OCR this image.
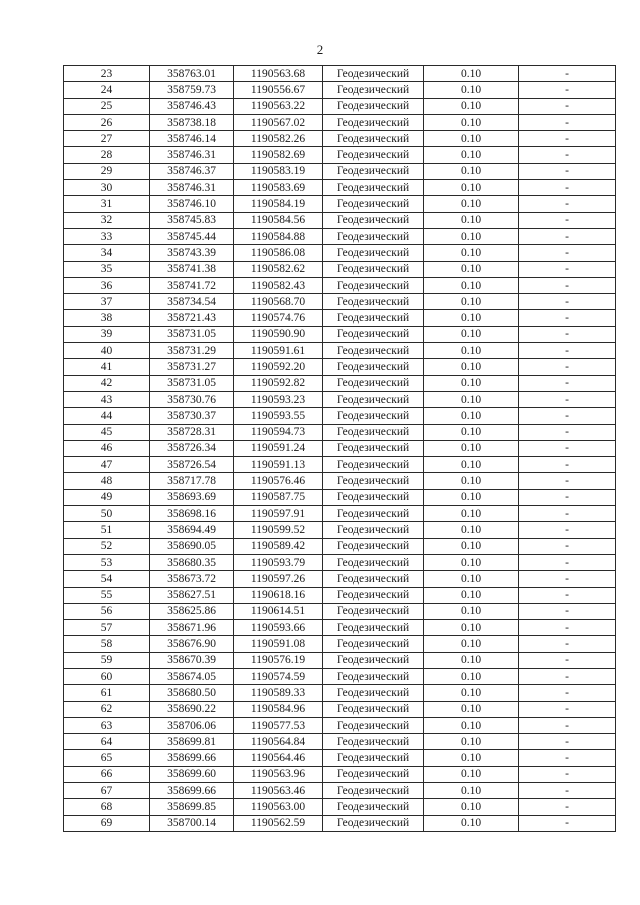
2
23	358763.01	1190563.68	Геодезический	0.10	-
24	358759.73	1190556.67	Геодезический	0.10	-
25	358746.43	1190563.22	Геодезический	0.10	-
26	358738.18	1190567.02	Геодезический	0.10	-
27	358746.14	1190582.26	Геодезический	0.10	-
28	358746.31	1190582.69	Геодезический	0.10	-
29	358746.37	1190583.19	Геодезический	0.10	-
30	358746.31	1190583.69	Геодезический	0.10	-
31	358746.10	1190584.19	Геодезический	0.10	-
32	358745.83	1190584.56	Геодезический	0.10	-
33	358745.44	1190584.88	Геодезический	0.10	-
34	358743.39	1190586.08	Геодезический	0.10	-
35	358741.38	1190582.62	Геодезический	0.10	-
36	358741.72	1190582.43	Геодезический	0.10	-
37	358734.54	1190568.70	Геодезический	0.10	-
38	358721.43	1190574.76	Геодезический	0.10	-
39	358731.05	1190590.90	Геодезический	0.10	-
40	358731.29	1190591.61	Геодезический	0.10	-
41	358731.27	1190592.20	Геодезический	0.10	-
42	358731.05	1190592.82	Геодезический	0.10	-
43	358730.76	1190593.23	Геодезический	0.10	-
44	358730.37	1190593.55	Геодезический	0.10	-
45	358728.31	1190594.73	Геодезический	0.10	-
46	358726.34	1190591.24	Геодезический	0.10	-
47	358726.54	1190591.13	Геодезический	0.10	-
48	358717.78	1190576.46	Геодезический	0.10	-
49	358693.69	1190587.75	Геодезический	0.10	-
50	358698.16	1190597.91	Геодезический	0.10	-
51	358694.49	1190599.52	Геодезический	0.10	-
52	358690.05	1190589.42	Геодезический	0.10	-
53	358680.35	1190593.79	Геодезический	0.10	-
54	358673.72	1190597.26	Геодезический	0.10	-
55	358627.51	1190618.16	Геодезический	0.10	-
56	358625.86	1190614.51	Геодезический	0.10	-
57	358671.96	1190593.66	Геодезический	0.10	-
58	358676.90	1190591.08	Геодезический	0.10	-
59	358670.39	1190576.19	Геодезический	0.10	-
60	358674.05	1190574.59	Геодезический	0.10	-
61	358680.50	1190589.33	Геодезический	0.10	-
62	358690.22	1190584.96	Геодезический	0.10	-
63	358706.06	1190577.53	Геодезический	0.10	-
64	358699.81	1190564.84	Геодезический	0.10	-
65	358699.66	1190564.46	Геодезический	0.10	-
66	358699.60	1190563.96	Геодезический	0.10	-
67	358699.66	1190563.46	Геодезический	0.10	-
68	358699.85	1190563.00	Геодезический	0.10	-
69	358700.14	1190562.59	Геодезический	0.10	-
